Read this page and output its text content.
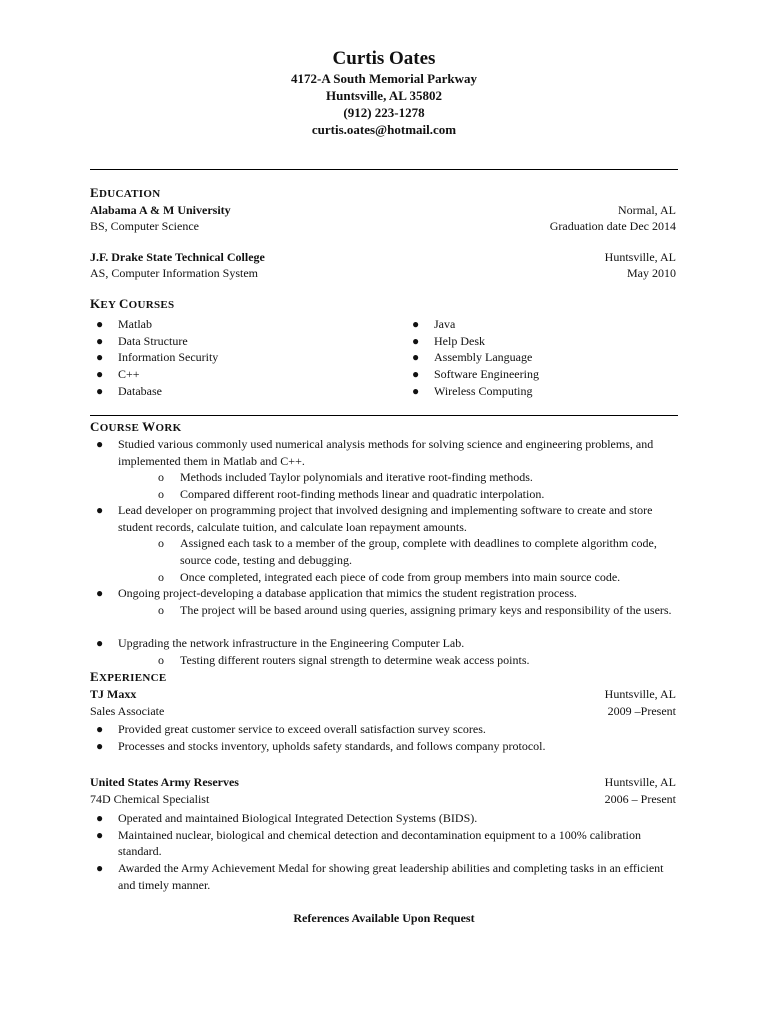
Curtis Oates
4172-A South Memorial Parkway
Huntsville, AL 35802
(912) 223-1278
curtis.oates@hotmail.com
EDUCATION
Alabama A & M University	Normal, AL
BS, Computer Science	Graduation date Dec 2014
J.F. Drake State Technical College	Huntsville, AL
AS, Computer Information System	May 2010
KEY COURSES
● Matlab
● Data Structure
● Information Security
● C++
● Database
● Java
● Help Desk
● Assembly Language
● Software Engineering
● Wireless Computing
COURSE WORK
● Studied various commonly used numerical analysis methods for solving science and engineering problems, and implemented them in Matlab and C++.
o	Methods included Taylor polynomials and iterative root-finding methods.
o	Compared different root-finding methods linear and quadratic interpolation.
● Lead developer on programming project that involved designing and implementing software to create and store student records, calculate tuition, and calculate loan repayment amounts.
o	Assigned each task to a member of the group, complete with deadlines to complete algorithm code, source code, testing and debugging.
o	Once completed, integrated each piece of code from group members into main source code.
● Ongoing project-developing a database application that mimics the student registration process.
o	The project will be based around using queries, assigning primary keys and responsibility of the users.
● Upgrading the network infrastructure in the Engineering Computer Lab.
o	Testing different routers signal strength to determine weak access points.
EXPERIENCE
TJ Maxx	Huntsville, AL
Sales Associate	2009 –Present
● Provided great customer service to exceed overall satisfaction survey scores.
● Processes and stocks inventory, upholds safety standards, and follows company protocol.
United States Army Reserves	Huntsville, AL
74D Chemical Specialist	2006 – Present
● Operated and maintained Biological Integrated Detection Systems (BIDS).
● Maintained nuclear, biological and chemical detection and decontamination equipment to a 100% calibration standard.
● Awarded the Army Achievement Medal for showing great leadership abilities and completing tasks in an efficient and timely manner.
References Available Upon Request
